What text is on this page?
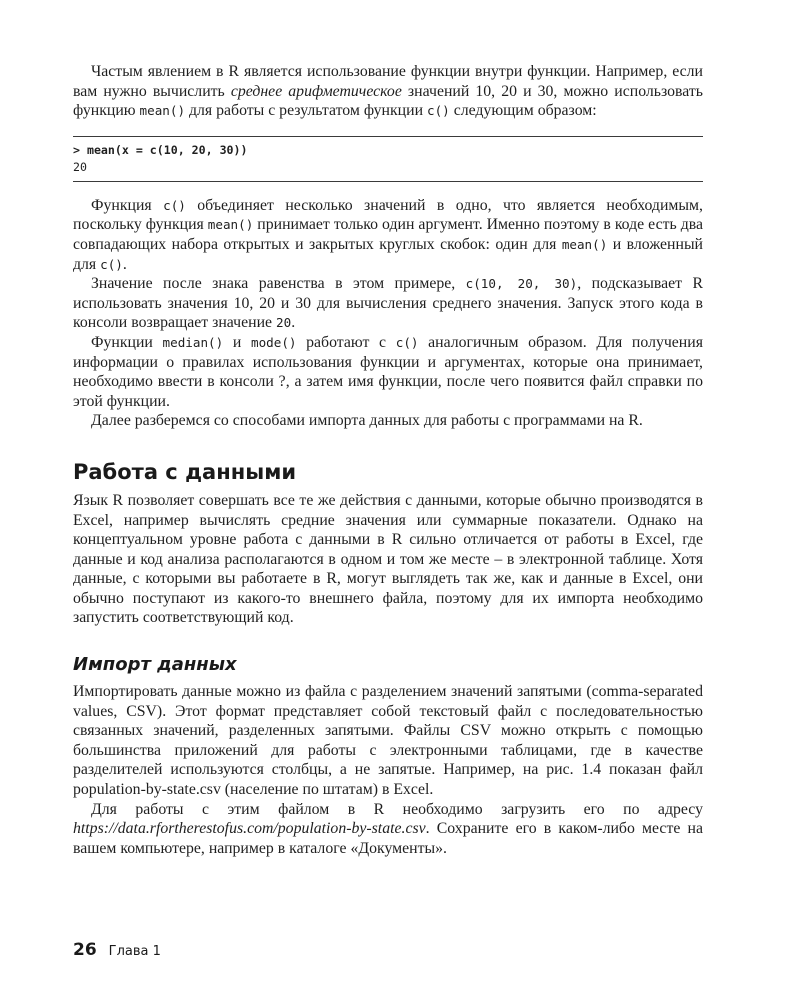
Частым явлением в R является использование функции внутри функции. Например, если вам нужно вычислить среднее арифметическое значений 10, 20 и 30, можно использовать функцию mean() для работы с результатом функции c() следующим образом:

> mean(x = c(10, 20, 30))
20

Функция c() объединяет несколько значений в одно, что является необходимым, поскольку функция mean() принимает только один аргумент. Именно поэтому в коде есть два совпадающих набора открытых и закрытых круглых скобок: один для mean() и вложенный для c().

Значение после знака равенства в этом примере, c(10, 20, 30), подсказывает R использовать значения 10, 20 и 30 для вычисления среднего значения. Запуск этого кода в консоли возвращает значение 20.

Функции median() и mode() работают с c() аналогичным образом. Для получения информации о правилах использования функции и аргументах, которые она принимает, необходимо ввести в консоли ?, а затем имя функции, после чего появится файл справки по этой функции.

Далее разберемся со способами импорта данных для работы с программами на R.

Работа с данными

Язык R позволяет совершать все те же действия с данными, которые обычно производятся в Excel, например вычислять средние значения или суммарные показатели. Однако на концептуальном уровне работа с данными в R сильно отличается от работы в Excel, где данные и код анализа располагаются в одном и том же месте – в электронной таблице. Хотя данные, с которыми вы работаете в R, могут выглядеть так же, как и данные в Excel, они обычно поступают из какого-то внешнего файла, поэтому для их импорта необходимо запустить соответствующий код.

Импорт данных

Импортировать данные можно из файла с разделением значений запятыми (comma-separated values, CSV). Этот формат представляет собой текстовый файл с последовательностью связанных значений, разделенных запятыми. Файлы CSV можно открыть с помощью большинства приложений для работы с электронными таблицами, где в качестве разделителей используются столбцы, а не запятые. Например, на рис. 1.4 показан файл population-by-state.csv (население по штатам) в Excel.

Для работы с этим файлом в R необходимо загрузить его по адресу https://data.rfortherestofus.com/population-by-state.csv. Сохраните его в каком-либо месте на вашем компьютере, например в каталоге «Документы».

26 Глава 1
